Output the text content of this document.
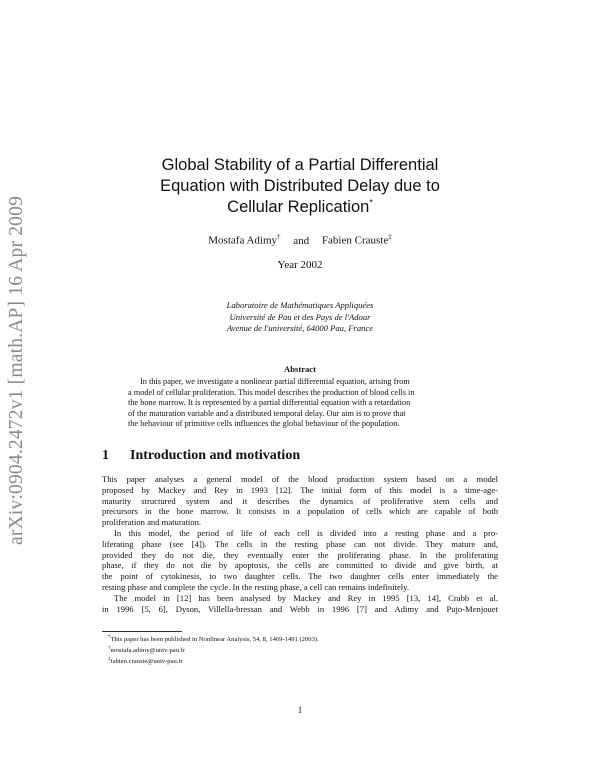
arXiv:0904.2472v1 [math.AP] 16 Apr 2009
Global Stability of a Partial Differential
Equation with Distributed Delay due to
Cellular Replication*
Mostafa Adimy† and Fabien Crauste‡
Year 2002
Laboratoire de Mathématiques Appliquées
Université de Pau et des Pays de l'Adour
Avenue de l'université, 64000 Pau, France
Abstract
In this paper, we investigate a nonlinear partial differential equation, arising from
a model of cellular proliferation. This model describes the production of blood cells in
the bone marrow. It is represented by a partial differential equation with a retardation
of the maturation variable and a distributed temporal delay. Our aim is to prove that
the behaviour of primitive cells influences the global behaviour of the population.
1 Introduction and motivation
This paper analyses a general model of the blood production system based on a model
proposed by Mackey and Rey in 1993 [12]. The initial form of this model is a time-age-
maturity structured system and it describes the dynamics of proliferative stem cells and
precursors in the bone marrow. It consists in a population of cells which are capable of both
proliferation and maturation.
In this model, the period of life of each cell is divided into a resting phase and a pro-
liferating phase (see [4]). The cells in the resting phase can not divide. They mature and,
provided they do not die, they eventually enter the proliferating phase. In the proliferating
phase, if they do not die by apoptosis, the cells are committed to divide and give birth, at
the point of cytokinesis, to two daughter cells. The two daughter cells enter immediately the
resting phase and complete the cycle. In the resting phase, a cell can remains indefinitely.
The model in [12] has been analysed by Mackey and Rey in 1995 [13, 14], Crabb et al.
in 1996 [5, 6], Dyson, Villella-bressan and Webb in 1996 [7] and Adimy and Pujo-Menjouet
*This paper has been published in Nonlinear Analysis, 54, 8, 1469-1491 (2003).
†mostafa.adimy@univ-pau.fr
‡fabien.crauste@univ-pau.fr
1
